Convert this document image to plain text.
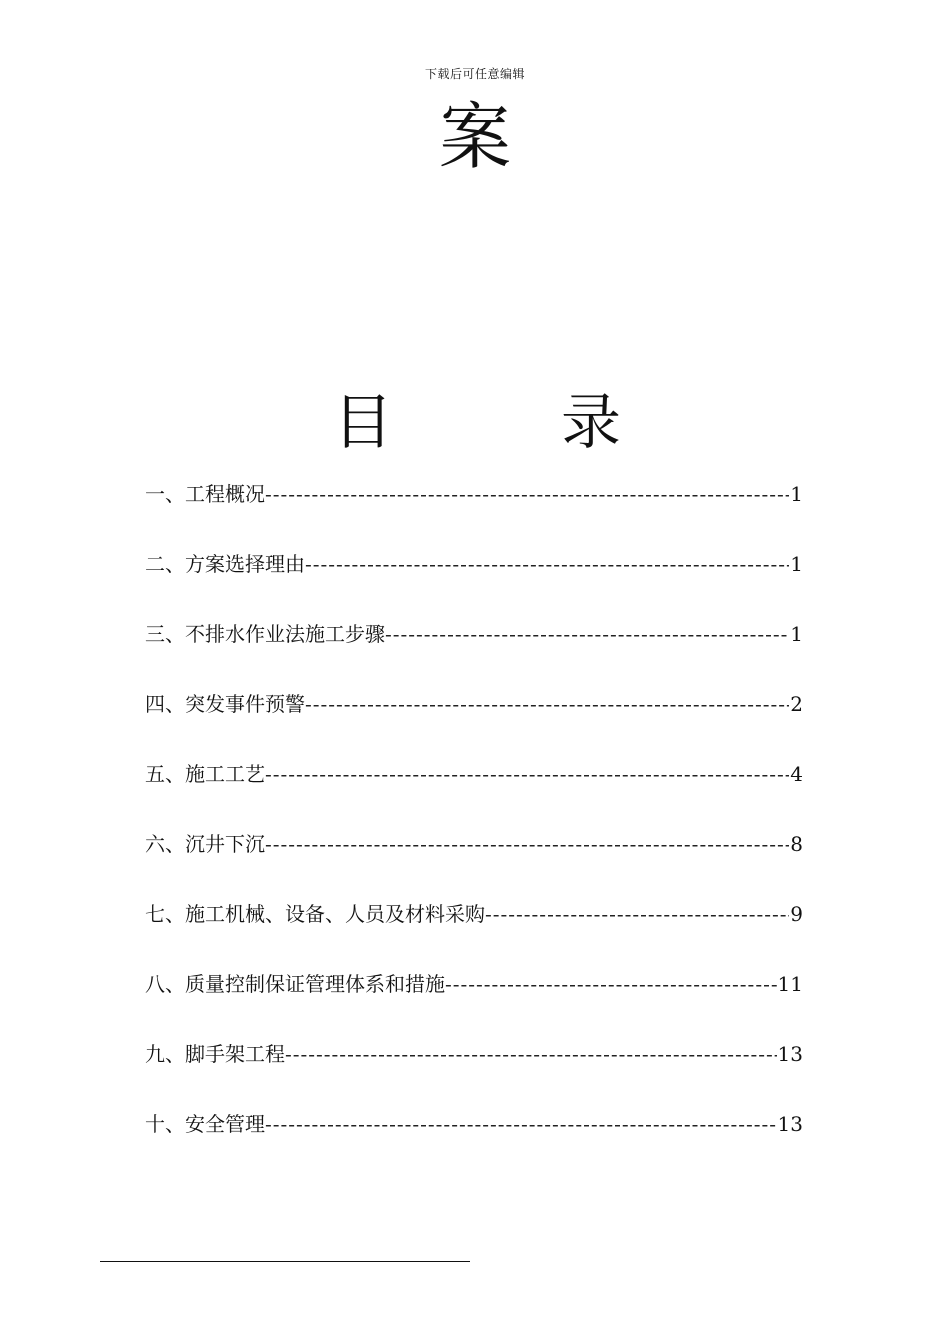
下载后可任意编辑
案
目	录
一、工程概况 -----	1
二、方案选择理由 -----	1
三、不排水作业法施工步骤 -----	1
四、突发事件预警 -----	2
五、施工工艺 -----	4
六、沉井下沉 -----	8
七、施工机械、设备、人员及材料采购 -----	9
八、质量控制保证管理体系和措施 -----	11
九、脚手架工程 -----	13
十、安全管理 -----	13
